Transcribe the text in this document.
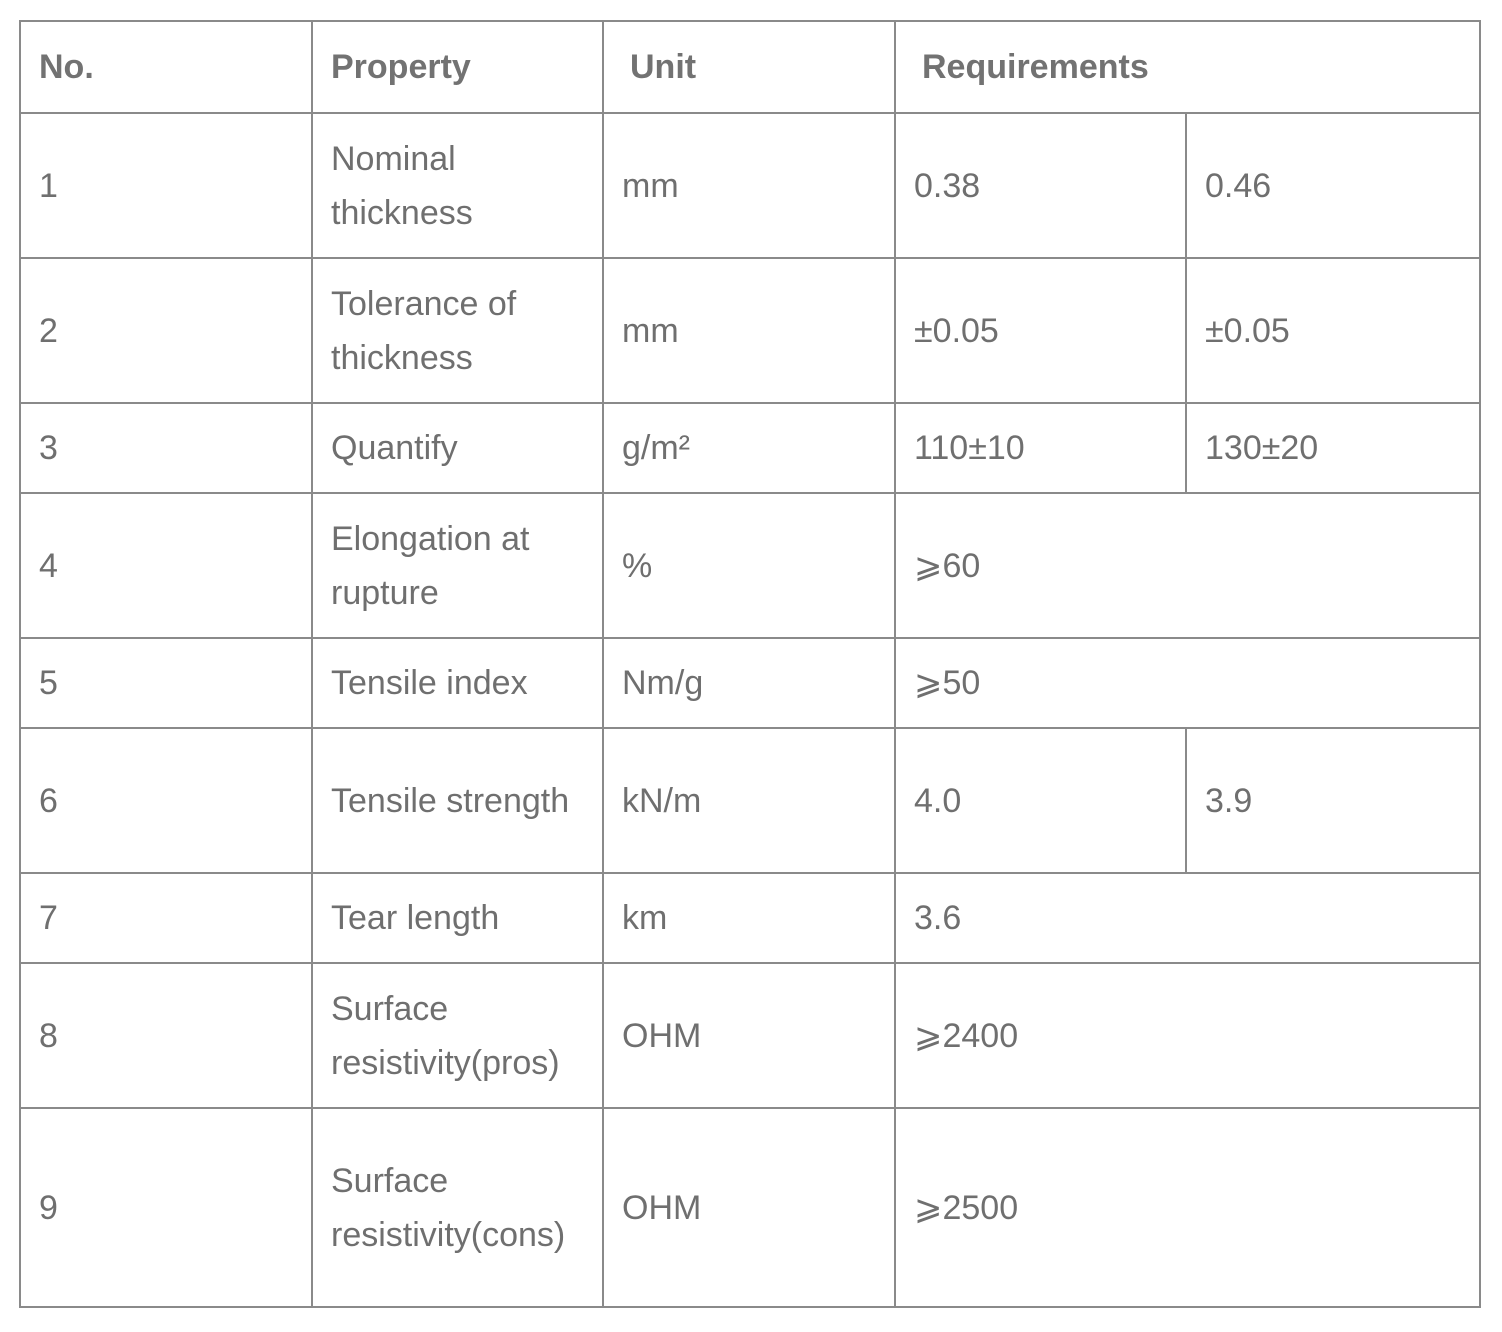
No.	Property	Unit	Requirements	
1	Nominal thickness	mm	0.38	0.46
2	Tolerance of thickness	mm	±0.05	±0.05
3	Quantify	g/m²	110±10	130±20
4	Elongation at rupture	%	⩾60	
5	Tensile index	Nm/g	⩾50	
6	Tensile strength	kN/m	4.0	3.9
7	Tear length	km	3.6	
8	Surface resistivity(pros)	OHM	⩾2400	
9	Surface resistivity(cons)	OHM	⩾2500	
